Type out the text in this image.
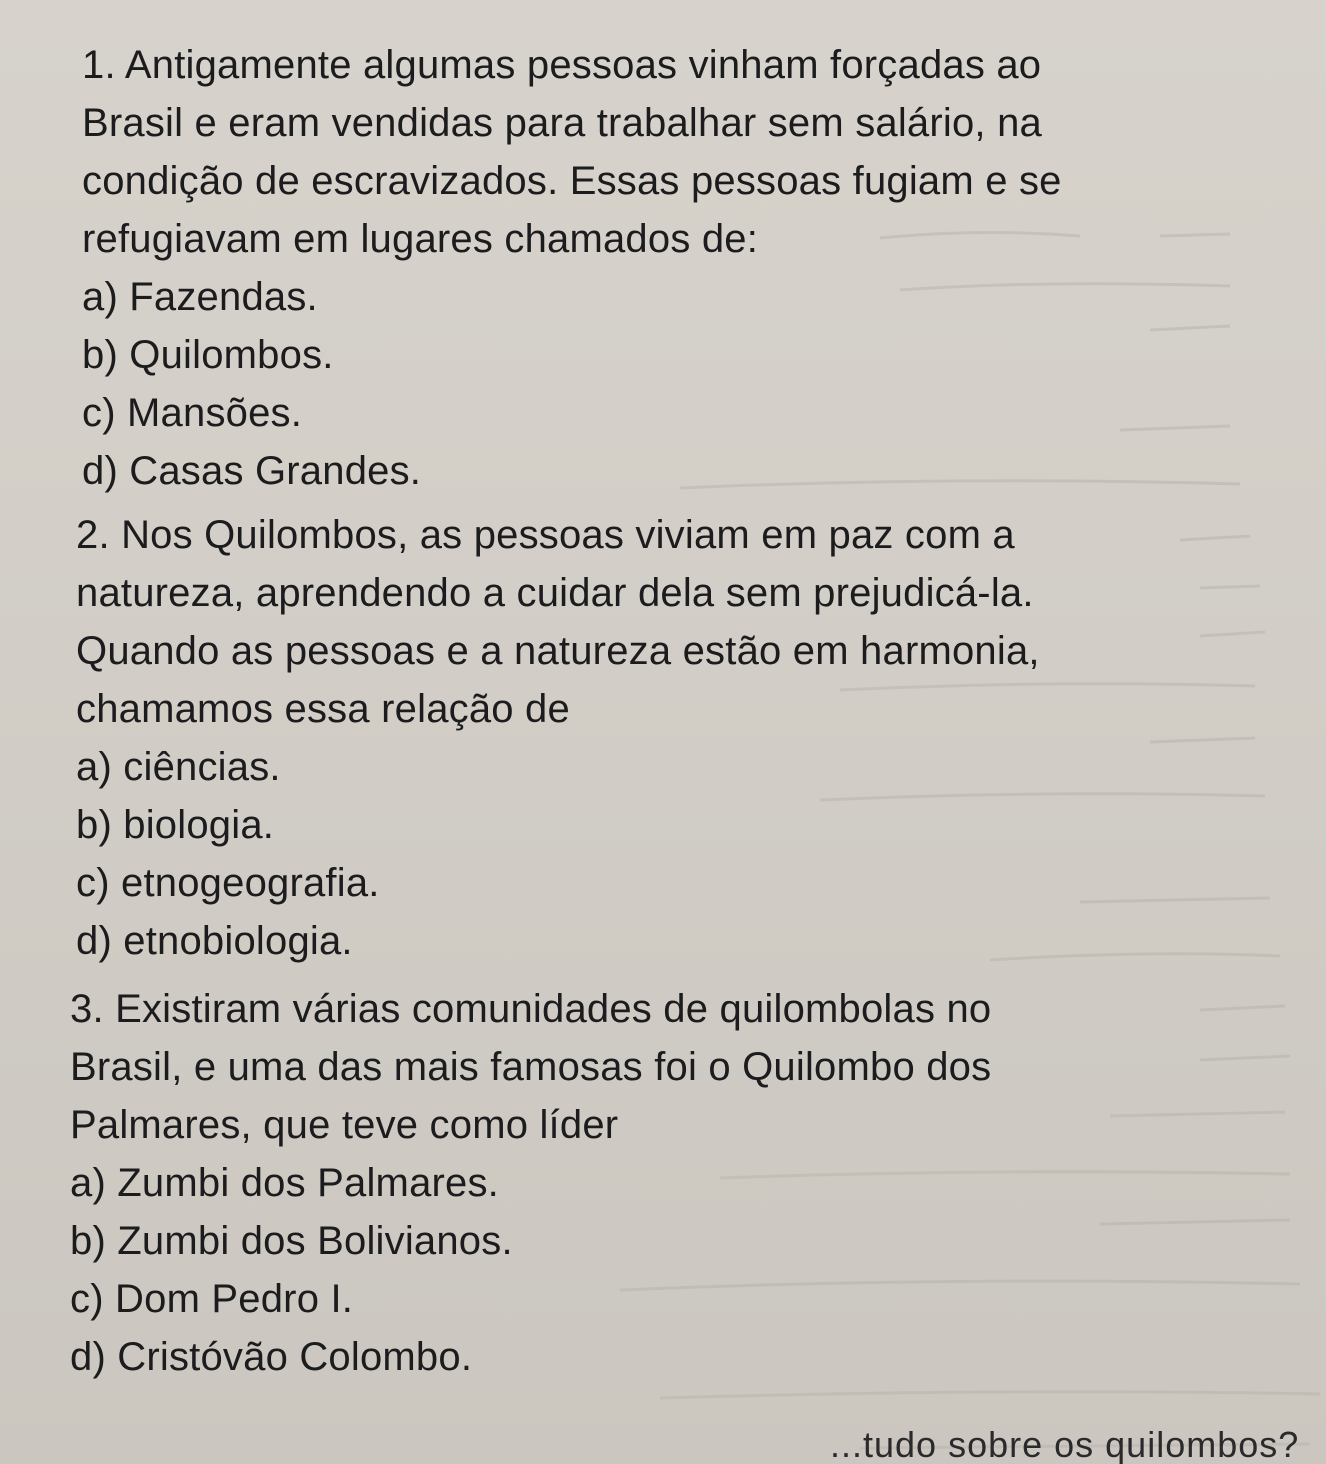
1. Antigamente algumas pessoas vinham forçadas ao
Brasil e eram vendidas para trabalhar sem salário, na
condição de escravizados. Essas pessoas fugiam e se
refugiavam em lugares chamados de:
a) Fazendas.
b) Quilombos.
c) Mansões.
d) Casas Grandes.
2. Nos Quilombos, as pessoas viviam em paz com a
natureza, aprendendo a cuidar dela sem prejudicá-la.
Quando as pessoas e a natureza estão em harmonia,
chamamos essa relação de
a) ciências.
b) biologia.
c) etnogeografia.
d) etnobiologia.
3. Existiram várias comunidades de quilombolas no
Brasil, e uma das mais famosas foi o Quilombo dos
Palmares, que teve como líder
a) Zumbi dos Palmares.
b) Zumbi dos Bolivianos.
c) Dom Pedro I.
d) Cristóvão Colombo.
...tudo sobre os quilombos?
